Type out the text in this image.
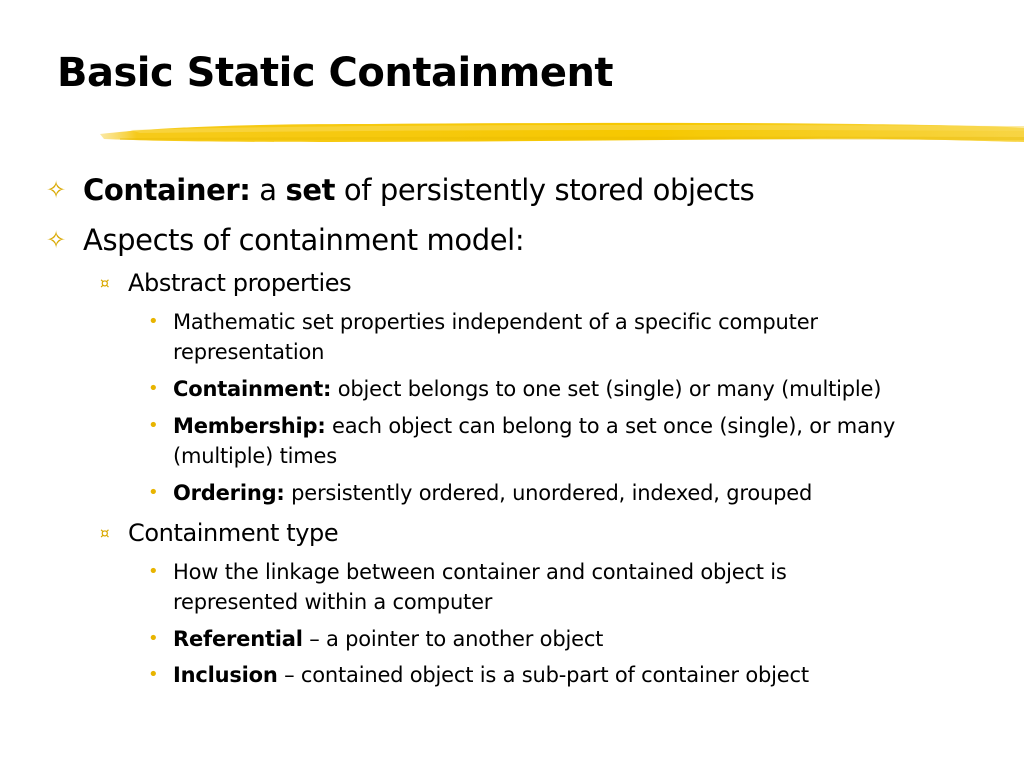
Basic Static Containment
✧ Container: a set of persistently stored objects
✧ Aspects of containment model:
¤ Abstract properties
• Mathematic set properties independent of a specific computer
representation
• Containment: object belongs to one set (single) or many (multiple)
• Membership: each object can belong to a set once (single), or many
(multiple) times
• Ordering: persistently ordered, unordered, indexed, grouped
¤ Containment type
• How the linkage between container and contained object is
represented within a computer
• Referential – a pointer to another object
• Inclusion – contained object is a sub-part of container object
